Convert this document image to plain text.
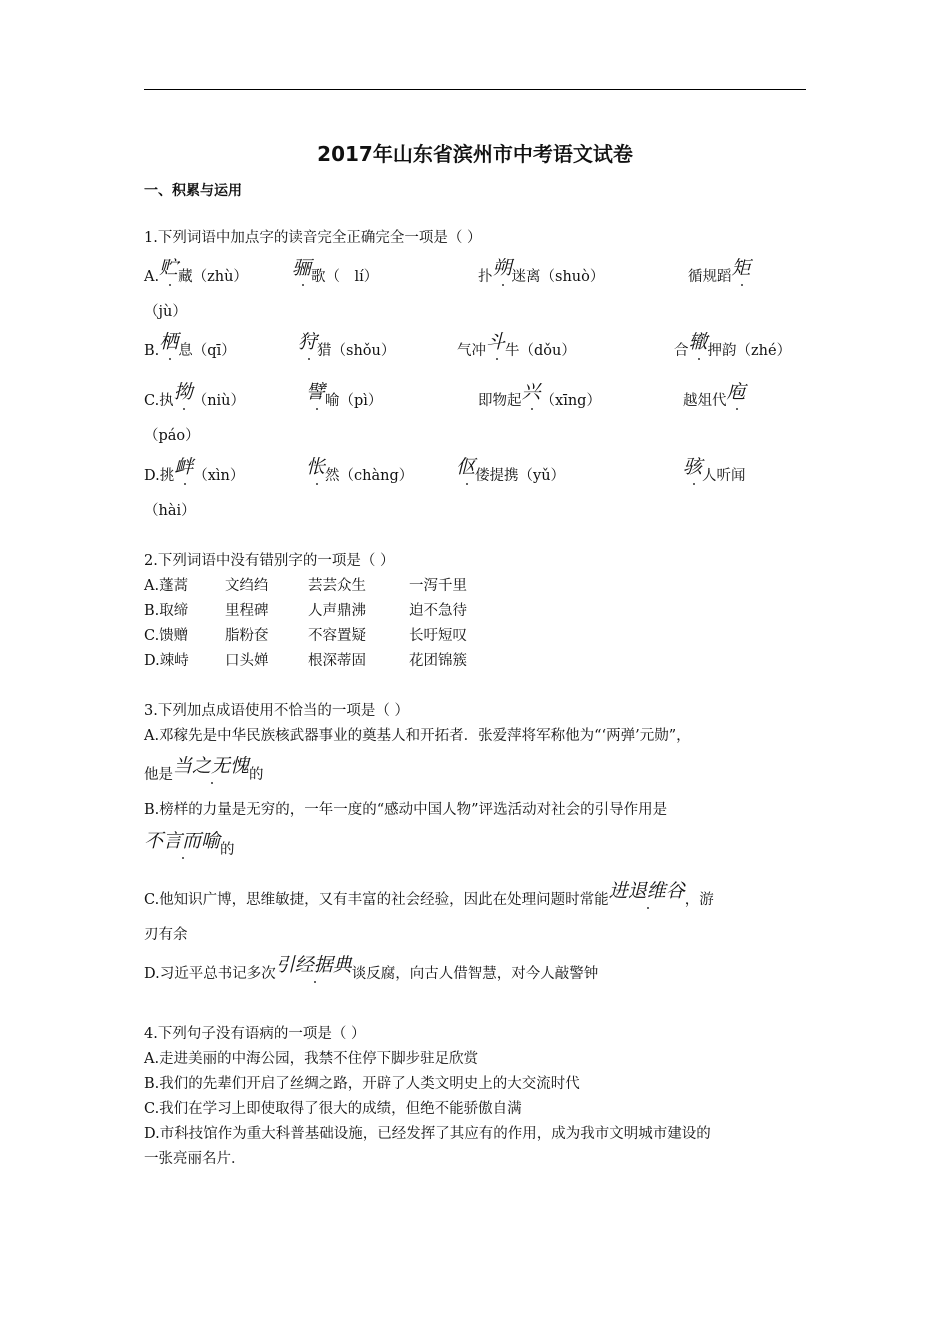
2017年山东省滨州市中考语文试卷
一、积累与运用
1.下列词语中加点字的读音完全正确完全一项是（ ）
A.贮藏（zhù） 骊歌（　lí）	扑朔迷离（shuò）	循规蹈矩
（jù）
B.栖息（qī）	狩猎（shǒu）	气冲斗牛（dǒu）	合辙押韵（zhé）
C.执拗（niù）	譬喻（pì）	即物起兴（xīng）	越俎代庖
（páo）
D.挑衅（xìn）	怅然（chàng） 伛偻提携（yǔ）	骇人听闻
（hài）
2.下列词语中没有错别字的一项是（ ）
A.蓬蒿	文绉绉	芸芸众生	一泻千里
B.取缔	里程碑	人声鼎沸	迫不急待
C.馈赠	脂粉奁	不容置疑	长吁短叹
D.竦峙	口头婵	根深蒂固	花团锦簇
3.下列加点成语使用不恰当的一项是（ ）
A.邓稼先是中华民族核武器事业的奠基人和开拓者．张爱萍将军称他为“‘两弹’元勋”，
他是当之无愧的
B.榜样的力量是无穷的，一年一度的“感动中国人物”评选活动对社会的引导作用是
不言而喻的
C.他知识广博，思维敏捷，又有丰富的社会经验，因此在处理问题时常能进退维谷，游
刃有余
D.习近平总书记多次引经据典谈反腐，向古人借智慧，对今人敲警钟
4.下列句子没有语病的一项是（ ）
A.走进美丽的中海公园，我禁不住停下脚步驻足欣赏
B.我们的先辈们开启了丝绸之路，开辟了人类文明史上的大交流时代
C.我们在学习上即使取得了很大的成绩，但绝不能骄傲自满
D.市科技馆作为重大科普基础设施，已经发挥了其应有的作用，成为我市文明城市建设的
一张亮丽名片．
